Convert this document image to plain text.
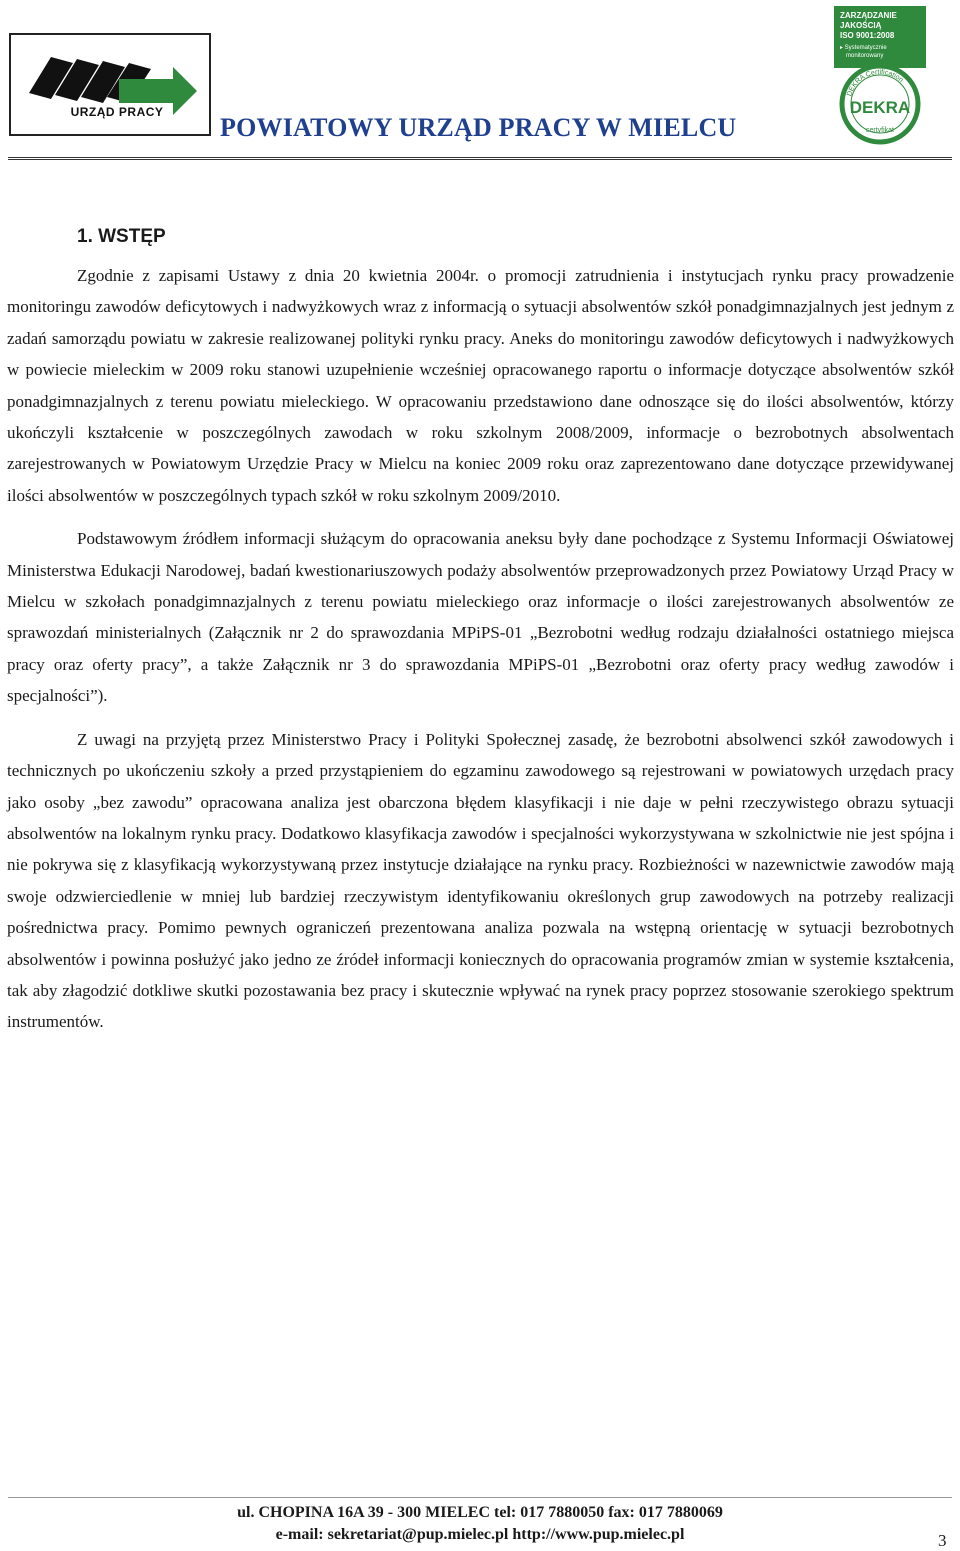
URZĄD PRACY
POWIATOWY URZĄD PRACY W MIELCU
ZARZĄDZANIE
JAKOŚCIĄ
ISO 9001:2008
▸ Systematycznie
monitorowany
DEKRA Certification
certyfikat
DEKRA
1. WSTĘP

Zgodnie z zapisami Ustawy z dnia 20 kwietnia 2004r. o promocji zatrudnienia i instytucjach rynku pracy prowadzenie monitoringu zawodów deficytowych i nadwyżkowych wraz z informacją o sytuacji absolwentów szkół ponadgimnazjalnych jest jednym z zadań samorządu powiatu w zakresie realizowanej polityki rynku pracy. Aneks do monitoringu zawodów deficytowych i nadwyżkowych w powiecie mieleckim w 2009 roku stanowi uzupełnienie wcześniej opracowanego raportu o informacje dotyczące absolwentów szkół ponadgimnazjalnych z terenu powiatu mieleckiego. W opracowaniu przedstawiono dane odnoszące się do ilości absolwentów, którzy ukończyli kształcenie w poszczególnych zawodach w roku szkolnym 2008/2009, informacje o bezrobotnych absolwentach zarejestrowanych w Powiatowym Urzędzie Pracy w Mielcu na koniec 2009 roku oraz zaprezentowano dane dotyczące przewidywanej ilości absolwentów w poszczególnych typach szkół w roku szkolnym 2009/2010.

Podstawowym źródłem informacji służącym do opracowania aneksu były dane pochodzące z Systemu Informacji Oświatowej Ministerstwa Edukacji Narodowej, badań kwestionariuszowych podaży absolwentów przeprowadzonych przez Powiatowy Urząd Pracy w Mielcu w szkołach ponadgimnazjalnych z terenu powiatu mieleckiego oraz informacje o ilości zarejestrowanych absolwentów ze sprawozdań ministerialnych (Załącznik nr 2 do sprawozdania MPiPS-01 „Bezrobotni według rodzaju działalności ostatniego miejsca pracy oraz oferty pracy”, a także Załącznik nr 3 do sprawozdania MPiPS-01 „Bezrobotni oraz oferty pracy według zawodów i specjalności”).

Z uwagi na przyjętą przez Ministerstwo Pracy i Polityki Społecznej zasadę, że bezrobotni absolwenci szkół zawodowych i technicznych po ukończeniu szkoły a przed przystąpieniem do egzaminu zawodowego są rejestrowani w powiatowych urzędach pracy jako osoby „bez zawodu” opracowana analiza jest obarczona błędem klasyfikacji i nie daje w pełni rzeczywistego obrazu sytuacji absolwentów na lokalnym rynku pracy. Dodatkowo klasyfikacja zawodów i specjalności wykorzystywana w szkolnictwie nie jest spójna i nie pokrywa się z klasyfikacją wykorzystywaną przez instytucje działające na rynku pracy. Rozbieżności w nazewnictwie zawodów mają swoje odzwierciedlenie w mniej lub bardziej rzeczywistym identyfikowaniu określonych grup zawodowych na potrzeby realizacji pośrednictwa pracy. Pomimo pewnych ograniczeń prezentowana analiza pozwala na wstępną orientację w sytuacji bezrobotnych absolwentów i powinna posłużyć jako jedno ze źródeł informacji koniecznych do opracowania programów zmian w systemie kształcenia, tak aby złagodzić dotkliwe skutki pozostawania bez pracy i skutecznie wpływać na rynek pracy poprzez stosowanie szerokiego spektrum instrumentów.

ul. CHOPINA 16A 39 - 300 MIELEC tel: 017 7880050 fax: 017 7880069
e-mail: sekretariat@pup.mielec.pl http://www.pup.mielec.pl	3
